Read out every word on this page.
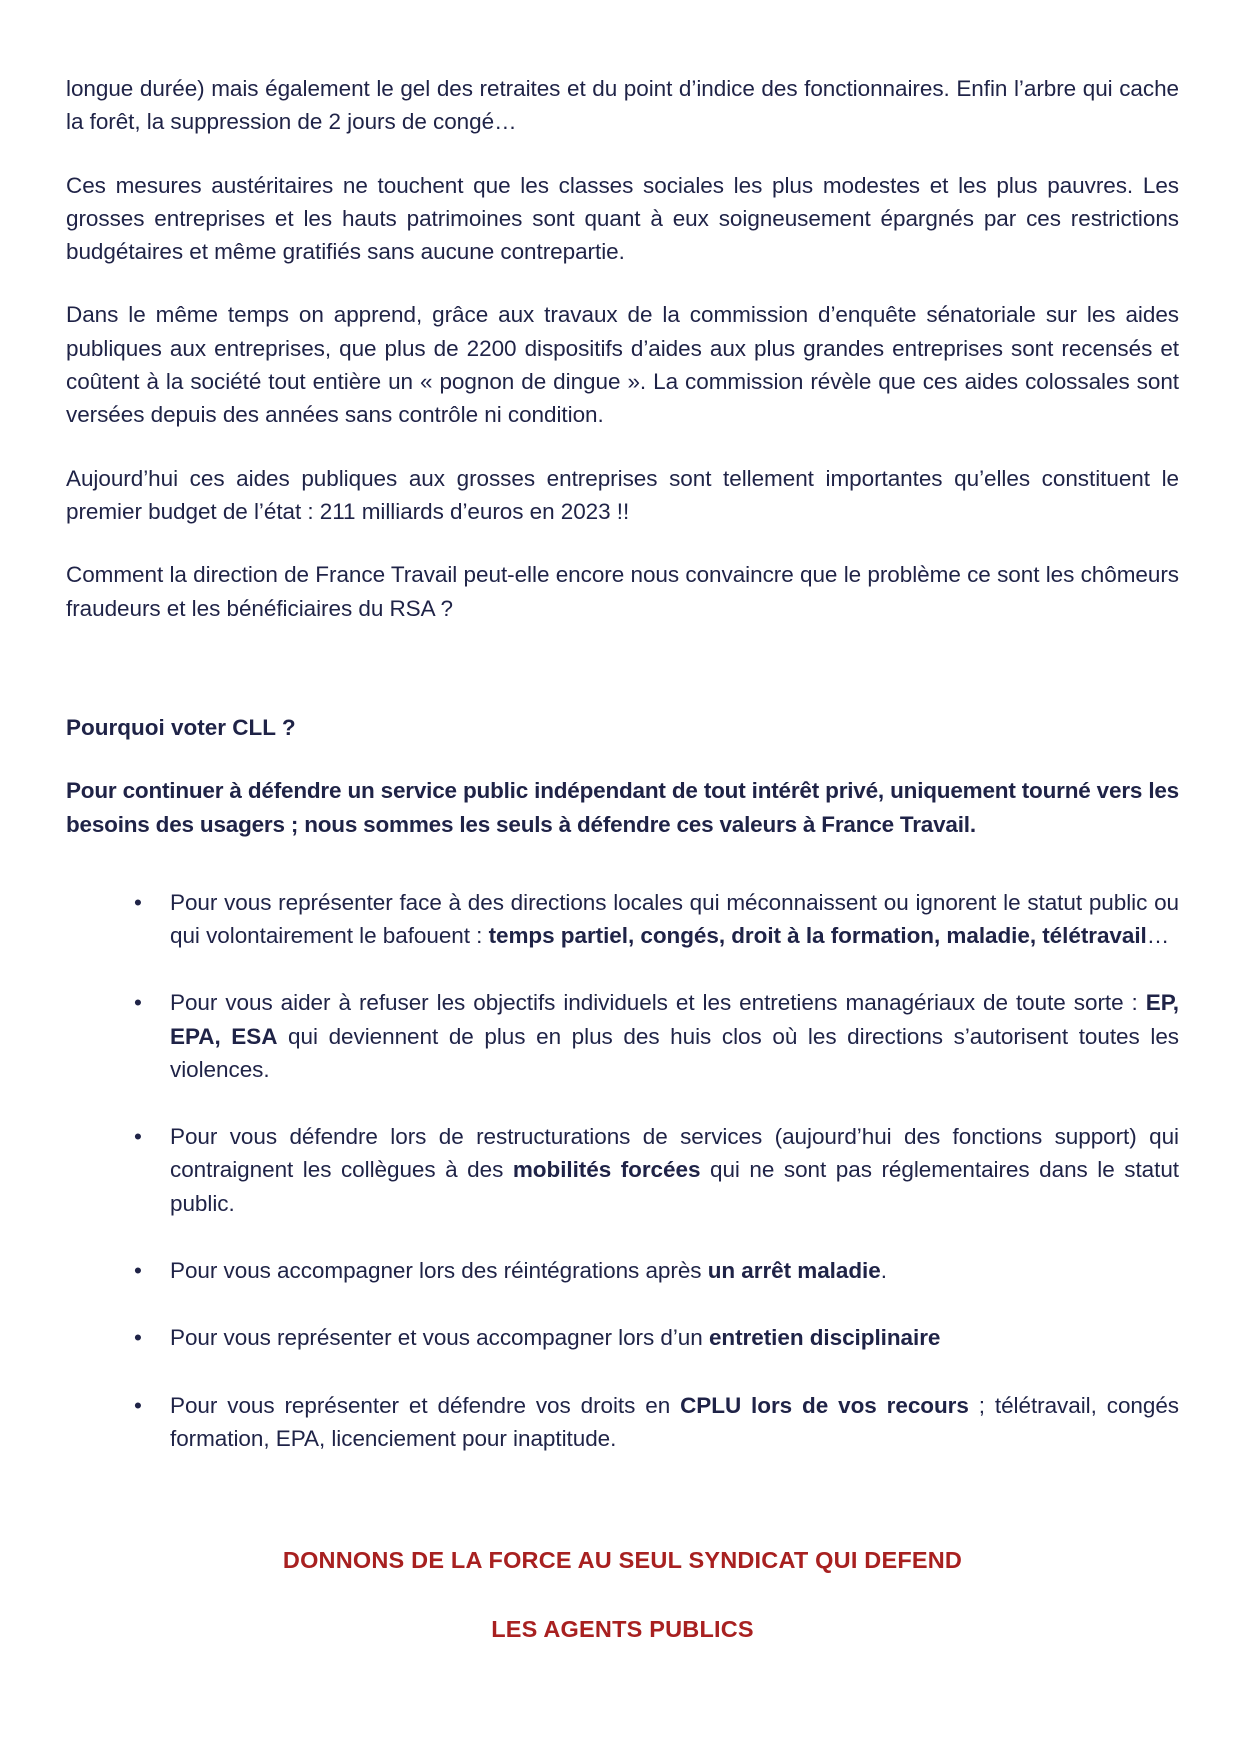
longue durée) mais également le gel des retraites et du point d’indice des fonctionnaires. Enfin l’arbre qui cache la forêt, la suppression de 2 jours de congé…

Ces mesures austéritaires ne touchent que les classes sociales les plus modestes et les plus pauvres. Les grosses entreprises et les hauts patrimoines sont quant à eux soigneusement épargnés par ces restrictions budgétaires et même gratifiés sans aucune contrepartie.

Dans le même temps on apprend, grâce aux travaux de la commission d’enquête sénatoriale sur les aides publiques aux entreprises, que plus de 2200 dispositifs d’aides aux plus grandes entreprises sont recensés et coûtent à la société tout entière un « pognon de dingue ». La commission révèle que ces aides colossales sont versées depuis des années sans contrôle ni condition.

Aujourd’hui ces aides publiques aux grosses entreprises sont tellement importantes qu’elles constituent le premier budget de l’état : 211 milliards d’euros en 2023 !!

Comment la direction de France Travail peut-elle encore nous convaincre que le problème ce sont les chômeurs fraudeurs et les bénéficiaires du RSA ?

Pourquoi voter CLL ?

Pour continuer à défendre un service public indépendant de tout intérêt privé, uniquement tourné vers les besoins des usagers ; nous sommes les seuls à défendre ces valeurs à France Travail.

• Pour vous représenter face à des directions locales qui méconnaissent ou ignorent le statut public ou qui volontairement le bafouent : temps partiel, congés, droit à la formation, maladie, télétravail…
• Pour vous aider à refuser les objectifs individuels et les entretiens managériaux de toute sorte : EP, EPA, ESA qui deviennent de plus en plus des huis clos où les directions s’autorisent toutes les violences.
• Pour vous défendre lors de restructurations de services (aujourd’hui des fonctions support) qui contraignent les collègues à des mobilités forcées qui ne sont pas réglementaires dans le statut public.
• Pour vous accompagner lors des réintégrations après un arrêt maladie.
• Pour vous représenter et vous accompagner lors d’un entretien disciplinaire
• Pour vous représenter et défendre vos droits en CPLU lors de vos recours ; télétravail, congés formation, EPA, licenciement pour inaptitude.
DONNONS DE LA FORCE AU SEUL SYNDICAT QUI DEFEND
LES AGENTS PUBLICS
